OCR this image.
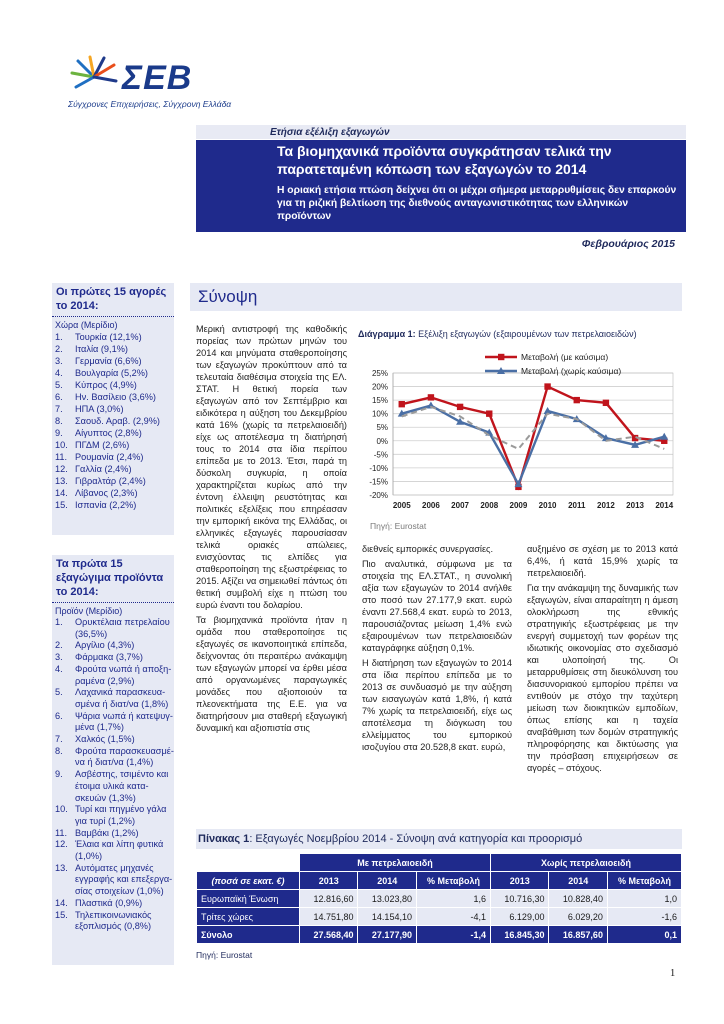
ΣΕΒ
Σύγχρονες Επιχειρήσεις, Σύγχρονη Ελλάδα
Ετήσια εξέλιξη εξαγωγών
Τα βιομηχανικά προϊόντα συγκράτησαν τελικά την παρατεταμένη κόπωση των εξαγωγών το 2014
Η οριακή ετήσια πτώση δείχνει ότι οι μέχρι σήμερα μεταρρυθμίσεις δεν επαρκούν για τη ριζική βελτίωση της διεθνούς ανταγωνιστικότητας των ελληνικών προϊόντων
Φεβρουάριος 2015
Οι πρώτες 15 αγορές το 2014:
Χώρα (Μερίδιο)
1.	Τουρκία (12,1%)
2.	Ιταλία (9,1%)
3.	Γερμανία (6,6%)
4.	Βουλγαρία (5,2%)
5.	Κύπρος (4,9%)
6.	Ην. Βασίλειο (3,6%)
7.	ΗΠΑ (3,0%)
8.	Σαουδ. Αραβ. (2,9%)
9.	Αίγυπτος (2,8%)
10. ΠΓΔΜ (2,6%)
11. Ρουμανία (2,4%)
12. Γαλλία (2,4%)
13. Γιβραλτάρ (2,4%)
14. Λίβανος (2,3%)
15. Ισπανία (2,2%)
Τα πρώτα 15 εξαγώγιμα προϊόντα το 2014:
Προϊόν (Μερίδιο)
1.	Ορυκτέλαια πετρελαίου (36,5%)
2.	Αργίλιο (4,3%)
3.	Φάρμακα (3,7%)
4.	Φρούτα νωπά ή αποξη-ραμένα (2,9%)
5.	Λαχανικά παρασκευα-σμένα ή διατ/να (1,8%)
6.	Ψάρια νωπά ή κατεψυγ-μένα (1,7%)
7.	Χαλκός (1,5%)
8.	Φρούτα παρασκευασμέ-να ή διατ/να (1,4%)
9.	Ασβέστης, τσιμέντο και έτοιμα υλικά κατα-σκευών (1,3%)
10. Τυρί και πηγμένο γάλα για τυρί (1,2%)
11. Βαμβάκι (1,2%)
12. Έλαια και λίπη φυτικά (1,0%)
13. Αυτόματες μηχανές εγγραφής και επεξεργα-σίας στοιχείων (1,0%)
14. Πλαστικά (0,9%)
15. Τηλεπικοινωνιακός εξοπλισμός (0,8%)
Σύνοψη

Μερική αντιστροφή της καθοδικής πορείας των πρώτων μηνών του 2014 και μηνύματα σταθεροποίησης των εξαγωγών προκύπτουν από τα τελευταία διαθέσιμα στοιχεία της ΕΛ. ΣΤΑΤ. Η θετική πορεία των εξαγωγών από τον Σεπτέμβριο και ειδικότερα η αύξηση του Δεκεμβρίου κατά 16% (χωρίς τα πετρελαιοειδή) είχε ως αποτέλεσμα τη διατήρησή τους το 2014 στα ίδια περίπου επίπεδα με το 2013. Έτσι, παρά τη δύσκολη συγκυρία, η οποία χαρακτηρίζεται κυρίως από την έντονη έλλειψη ρευστότητας και πολιτικές εξελίξεις που επηρέασαν την εμπορική εικόνα της Ελλάδας, οι ελληνικές εξαγωγές παρουσίασαν τελικά οριακές απώλειες, ενισχύοντας τις ελπίδες για σταθεροποίηση της εξωστρέφειας το 2015. Αξίζει να σημειωθεί πάντως ότι θετική συμβολή είχε η πτώση του ευρώ έναντι του δολαρίου.

Τα βιομηχανικά προϊόντα ήταν η ομάδα που σταθεροποίησε τις εξαγωγές σε ικανοποιητικά επίπεδα, δείχνοντας ότι περαιτέρω ανάκαμψη των εξαγωγών μπορεί να έρθει μέσα από οργανωμένες παραγωγικές μονάδες που αξιοποιούν τα πλεονεκτήματα της Ε.Ε. για να διατηρήσουν μια σταθερή εξαγωγική δυναμική και αξιοπιστία στις

διεθνείς εμπορικές συνεργασίες.

Πιο αναλυτικά, σύμφωνα με τα στοιχεία της ΕΛ.ΣΤΑΤ., η συνολική αξία των εξαγωγών το 2014 ανήλθε στο ποσό των 27.177,9 εκατ. ευρώ έναντι 27.568,4 εκατ. ευρώ το 2013, παρουσιάζοντας μείωση 1,4% ενώ εξαιρουμένων των πετρελαιοειδών καταγράφηκε αύξηση 0,1%.

Η διατήρηση των εξαγωγών το 2014 στα ίδια περίπου επίπεδα με το 2013 σε συνδυασμό με την αύξηση των εισαγωγών κατά 1,8%, ή κατά 7% χωρίς τα πετρελαιοειδή, είχε ως αποτέλεσμα τη διόγκωση του ελλείμματος του εμπορικού ισοζυγίου στα 20.528,8 εκατ. ευρώ,

αυξημένο σε σχέση με το 2013 κατά 6,4%, ή κατά 15,9% χωρίς τα πετρελαιοειδή.

Για την ανάκαμψη της δυναμικής των εξαγωγών, είναι απαραίτητη η άμεση ολοκλήρωση της εθνικής στρατηγικής εξωστρέφειας με την ενεργή συμμετοχή των φορέων της ιδιωτικής οικονομίας στο σχεδιασμό και υλοποίησή της. Οι μεταρρυθμίσεις στη διευκόλυνση του διασυνοριακού εμπορίου πρέπει να εντιθούν με στόχο την ταχύτερη μείωση των διοικητικών εμποδίων, όπως επίσης και η ταχεία αναβάθμιση των δομών στρατηγικής πληροφόρησης και δικτύωσης για την πρόσβαση επιχειρήσεων σε αγορές – στόχους.

Διάγραμμα 1: Εξέλιξη εξαγωγών (εξαιρουμένων των πετρελαιοειδών)
25%
20%
15%
10%
5%
0%
-5%
-10%
-15%
-20%
2005 2006 2007 2008 2009 2010 2011 2012 2013 2014
Μεταβολή (με καύσιμα)
Μεταβολή (χωρίς καύσιμα)
Πηγή: Eurostat
Πίνακας 1: Εξαγωγές Νοεμβρίου 2014 - Σύνοψη ανά κατηγορία και προορισμό
	Με πετρελαιοειδή			Χωρίς πετρελαιοειδή		
(ποσά σε εκατ. €)	2013	2014	% Μεταβολή	2013	2014	% Μεταβολή
Ευρωπαϊκή Ένωση	12.816,60	13.023,80	1,6	10.716,30	10.828,40	1,0
Τρίτες χώρες	14.751,80	14.154,10	-4,1	6.129,00	6.029,20	-1,6
Σύνολο	27.568,40	27.177,90	-1,4	16.845,30	16.857,60	0,1
Πηγή: Eurostat
1
